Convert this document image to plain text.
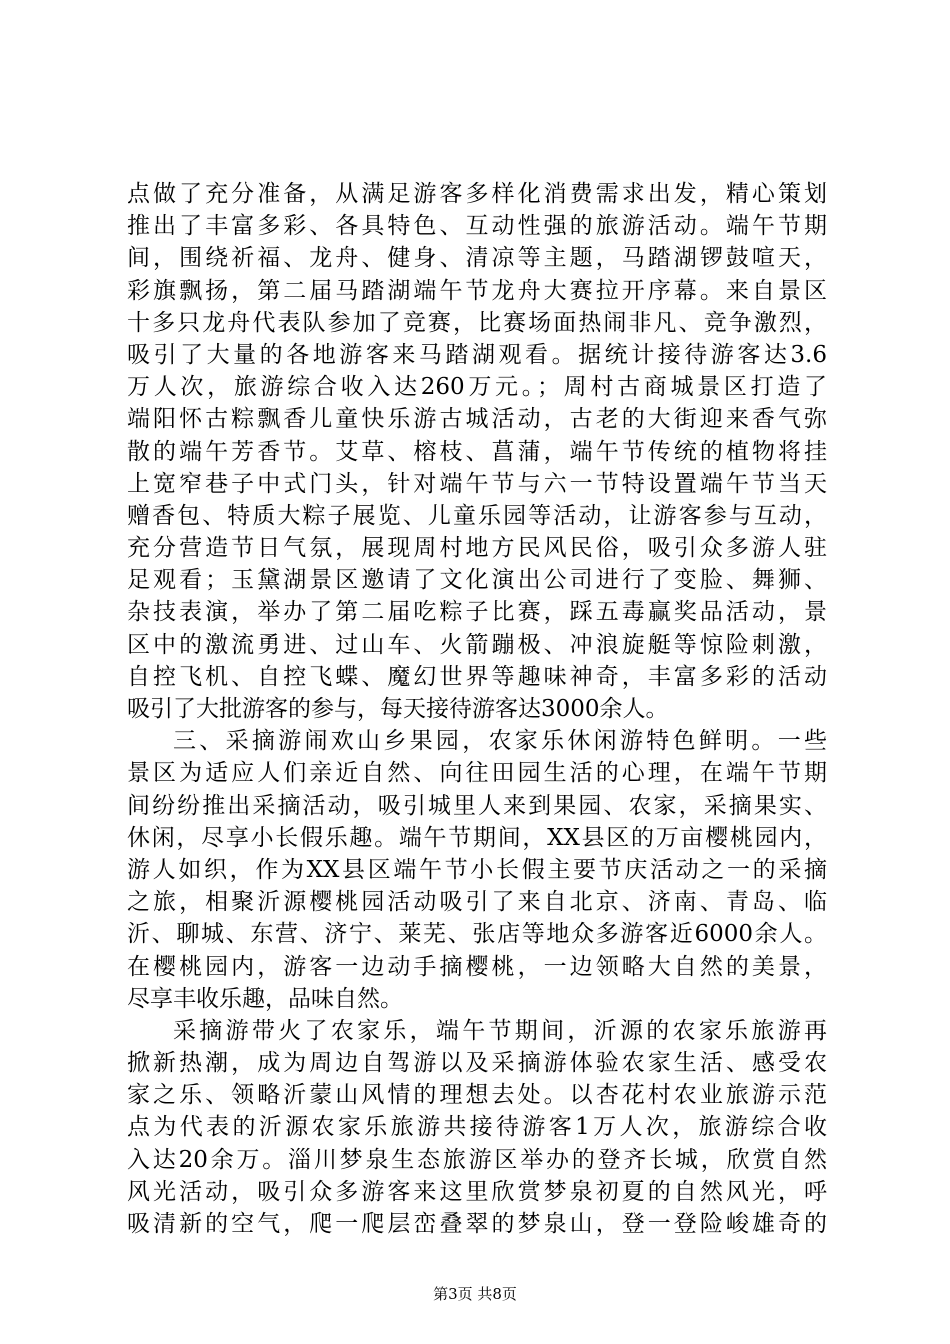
点做了充分准备，从满足游客多样化消费需求出发，精心策划
推出了丰富多彩、各具特色、互动性强的旅游活动。端午节期
间，围绕祈福、龙舟、健身、清凉等主题，马踏湖锣鼓喧天，
彩旗飘扬，第二届马踏湖端午节龙舟大赛拉开序幕。来自景区
十多只龙舟代表队参加了竞赛，比赛场面热闹非凡、竞争激烈，
吸引了大量的各地游客来马踏湖观看。据统计接待游客达3.6
万人次，旅游综合收入达260万元。；周村古商城景区打造了
端阳怀古粽飘香儿童快乐游古城活动，古老的大街迎来香气弥
散的端午芳香节。艾草、榕枝、菖蒲，端午节传统的植物将挂
上宽窄巷子中式门头，针对端午节与六一节特设置端午节当天
赠香包、特质大粽子展览、儿童乐园等活动，让游客参与互动，
充分营造节日气氛，展现周村地方民风民俗，吸引众多游人驻
足观看；玉黛湖景区邀请了文化演出公司进行了变脸、舞狮、
杂技表演，举办了第二届吃粽子比赛，踩五毒赢奖品活动，景
区中的激流勇进、过山车、火箭蹦极、冲浪旋艇等惊险刺激，
自控飞机、自控飞蝶、魔幻世界等趣味神奇，丰富多彩的活动
吸引了大批游客的参与，每天接待游客达3000余人。
三、采摘游闹欢山乡果园，农家乐休闲游特色鲜明。一些
景区为适应人们亲近自然、向往田园生活的心理，在端午节期
间纷纷推出采摘活动，吸引城里人来到果园、农家，采摘果实、
休闲，尽享小长假乐趣。端午节期间，XX县区的万亩樱桃园内，
游人如织，作为XX县区端午节小长假主要节庆活动之一的采摘
之旅，相聚沂源樱桃园活动吸引了来自北京、济南、青岛、临
沂、聊城、东营、济宁、莱芜、张店等地众多游客近6000余人。
在樱桃园内，游客一边动手摘樱桃，一边领略大自然的美景，
尽享丰收乐趣，品味自然。
采摘游带火了农家乐，端午节期间，沂源的农家乐旅游再
掀新热潮，成为周边自驾游以及采摘游体验农家生活、感受农
家之乐、领略沂蒙山风情的理想去处。以杏花村农业旅游示范
点为代表的沂源农家乐旅游共接待游客1万人次，旅游综合收
入达20余万。淄川梦泉生态旅游区举办的登齐长城，欣赏自然
风光活动，吸引众多游客来这里欣赏梦泉初夏的自然风光，呼
吸清新的空气，爬一爬层峦叠翠的梦泉山，登一登险峻雄奇的
第3页 共8页
